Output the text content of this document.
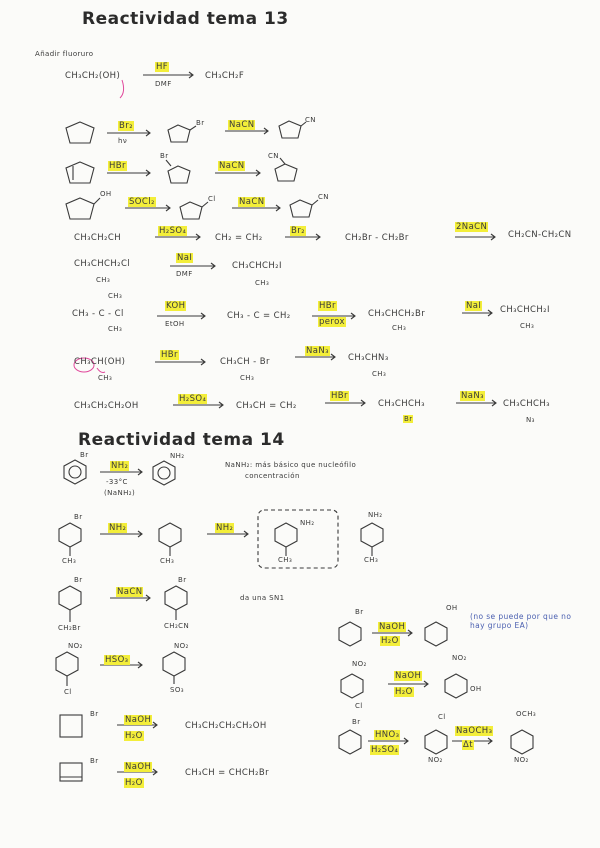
Reactividad tema 13
Reactividad tema 14
Añadir fluoruro
CH₃CH₂(OH)
HF
DMF
CH₃CH₂F
Br₂
hν
Br	NaCN	CN
Br
HBr	NaCN
CN
OH
SOCl₂	Cl	NaCN	CN
CH₃CH₂CH
H₂SO₄
CH₂ = CH₂
Br₂
CH₂Br - CH₂Br
2NaCN
CH₂CN-CH₂CN
CH₃CHCH₂Cl
CH₃
NaI
DMF
CH₃CHCH₂I
CH₃
CH₃
CH₃ - C - Cl
CH₃
KOH
EtOH
CH₃ - C = CH₂
HBr
perox
CH₃CHCH₂Br
CH₃
NaI CH₃CHCH₂I
CH₃
CH₃CH(OH)
CH₃
HBr
CH₃CH - Br
CH₃
NaN₃
CH₃CHN₃
CH₃
CH₃CH₂CH₂OH
H₂SO₄
CH₃CH = CH₂
HBr
CH₃CHCH₃
Br
NaN₃
CH₃CHCH₃
N₃
Br
NH₂
-33°C
(NaNH₂)
NH₂
NaNH₂: más básico que nucleófilo
concentración
Br
CH₃
NH₂	NH₂
CH₃
NH₂
CH₃
NH₂
CH₃
Br
CH₂Br
NaCN
Br
CH₂CN
da una SN1
NO₂
Cl
HSO₃
NO₂
SO₃
Br
NaOH
H₂O
CH₃CH₂CH₂CH₂OH
Br
NaOH
H₂O
CH₃CH = CHCH₂Br
Br
NaOH
H₂O
OH
(no se puede por que no hay grupo EA)
NO₂
Cl
NaOH
H₂O
NO₂
OH
Br
HNO₃
H₂SO₄
Cl
NO₂
NaOCH₃
Δt
OCH₃
NO₂
